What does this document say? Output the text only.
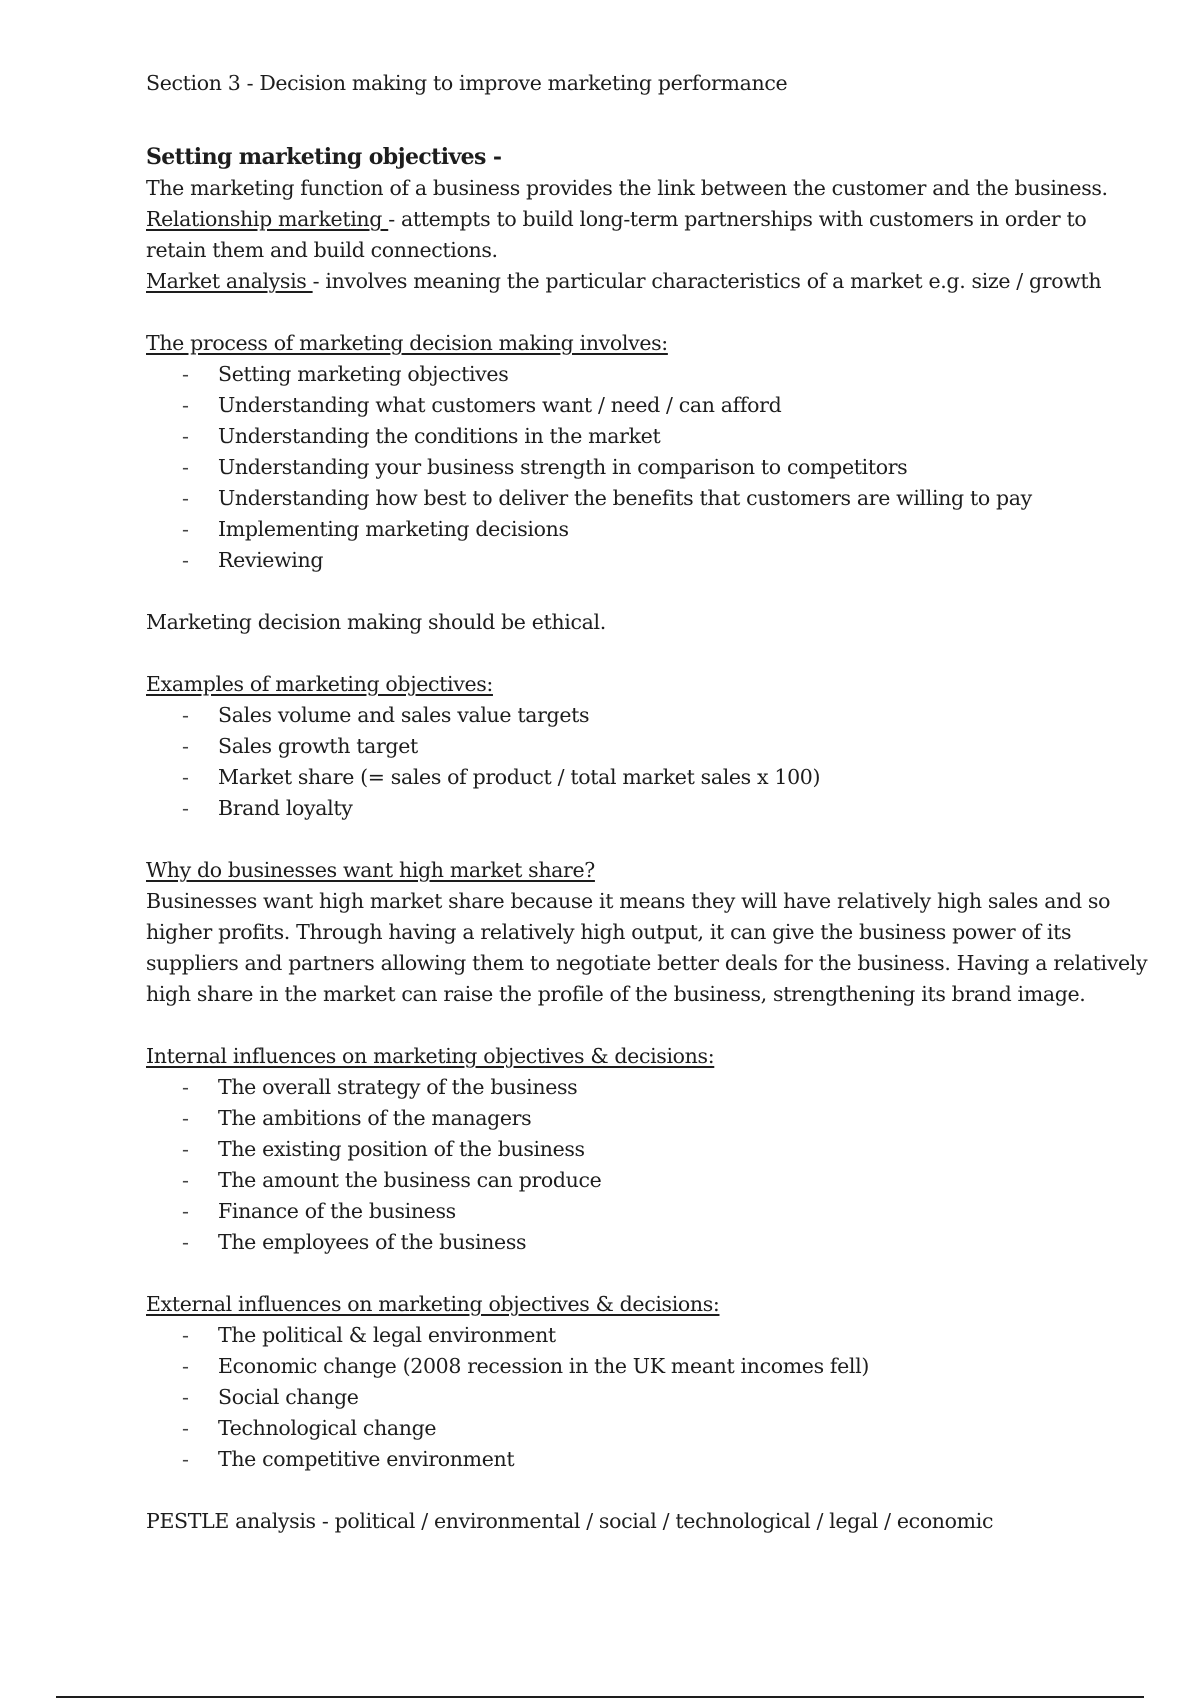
Section 3 - Decision making to improve marketing performance

Setting marketing objectives -

The marketing function of a business provides the link between the customer and the business.

Relationship marketing - attempts to build long-term partnerships with customers in order to

retain them and build connections.

Market analysis - involves meaning the particular characteristics of a market e.g. size / growth

The process of marketing decision making involves:

- Setting marketing objectives
- Understanding what customers want / need / can afford
- Understanding the conditions in the market
- Understanding your business strength in comparison to competitors
- Understanding how best to deliver the benefits that customers are willing to pay
- Implementing marketing decisions
- Reviewing

Marketing decision making should be ethical.

Examples of marketing objectives:

- Sales volume and sales value targets
- Sales growth target
- Market share (= sales of product / total market sales x 100)
- Brand loyalty

Why do businesses want high market share?

Businesses want high market share because it means they will have relatively high sales and so

higher profits. Through having a relatively high output, it can give the business power of its

suppliers and partners allowing them to negotiate better deals for the business. Having a relatively

high share in the market can raise the profile of the business, strengthening its brand image.

Internal influences on marketing objectives & decisions:

- The overall strategy of the business
- The ambitions of the managers
- The existing position of the business
- The amount the business can produce
- Finance of the business
- The employees of the business

External influences on marketing objectives & decisions:

- The political & legal environment
- Economic change (2008 recession in the UK meant incomes fell)
- Social change
- Technological change
- The competitive environment

PESTLE analysis - political / environmental / social / technological / legal / economic
